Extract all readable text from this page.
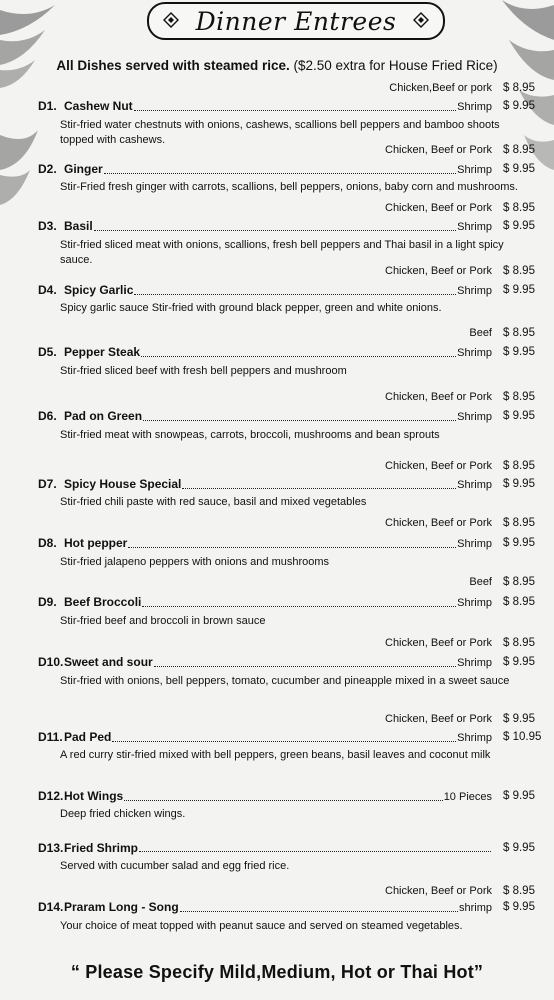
Dinner Entrees
All Dishes served with steamed rice. ($2.50 extra for House Fried Rice)
Chicken,Beef or pork $ 8.95
D1. Cashew Nut	Shrimp $ 9.95
Stir-fried water chestnuts with onions, cashews, scallions bell peppers and bamboo shoots topped with cashews.
Chicken, Beef or Pork $ 8.95
D2. Ginger	Shrimp $ 9.95
Stir-Fried fresh ginger with carrots, scallions, bell peppers, onions, baby corn and mushrooms.
Chicken, Beef or Pork $ 8.95
D3. Basil	Shrimp $ 9.95
Stir-fried sliced meat with onions, scallions, fresh bell peppers and Thai basil in a light spicy sauce.
Chicken, Beef or Pork $ 8.95
D4. Spicy Garlic	Shrimp $ 9.95
Spicy garlic sauce Stir-fried with ground black pepper, green and white onions.
Beef $ 8.95
D5. Pepper Steak	Shrimp $ 9.95
Stir-fried sliced beef with fresh bell peppers and mushroom
Chicken, Beef or Pork $ 8.95
D6. Pad on Green	Shrimp $ 9.95
Stir-fried meat with snowpeas, carrots, broccoli, mushrooms and bean sprouts
Chicken, Beef or Pork $ 8.95
D7. Spicy House Special	Shrimp $ 9.95
Stir-fried chili paste with red sauce, basil and mixed vegetables
Chicken, Beef or Pork $ 8.95
D8. Hot pepper	Shrimp $ 9.95
Stir-fried jalapeno peppers with onions and mushrooms
Beef $ 8.95
D9. Beef Broccoli	Shrimp $ 8.95
Stir-fried beef and broccoli in brown sauce
Chicken, Beef or Pork $ 8.95
D10. Sweet and sour	Shrimp $ 9.95
Stir-fried with onions, bell peppers, tomato, cucumber and pineapple mixed in a sweet sauce
Chicken, Beef or Pork $ 9.95
D11. Pad Ped	Shrimp $ 10.95
A red curry stir-fried mixed with bell peppers, green beans, basil leaves and coconut milk
D12. Hot Wings	10 Pieces $ 9.95
Deep fried chicken wings.
D13. Fried Shrimp	$ 9.95
Served with cucumber salad and egg fried rice.
Chicken, Beef or Pork $ 8.95
D14. Praram Long - Song	shrimp $ 9.95
Your choice of meat topped with peanut sauce and served on steamed vegetables.
“ Please Specify Mild,Medium, Hot or Thai Hot”
